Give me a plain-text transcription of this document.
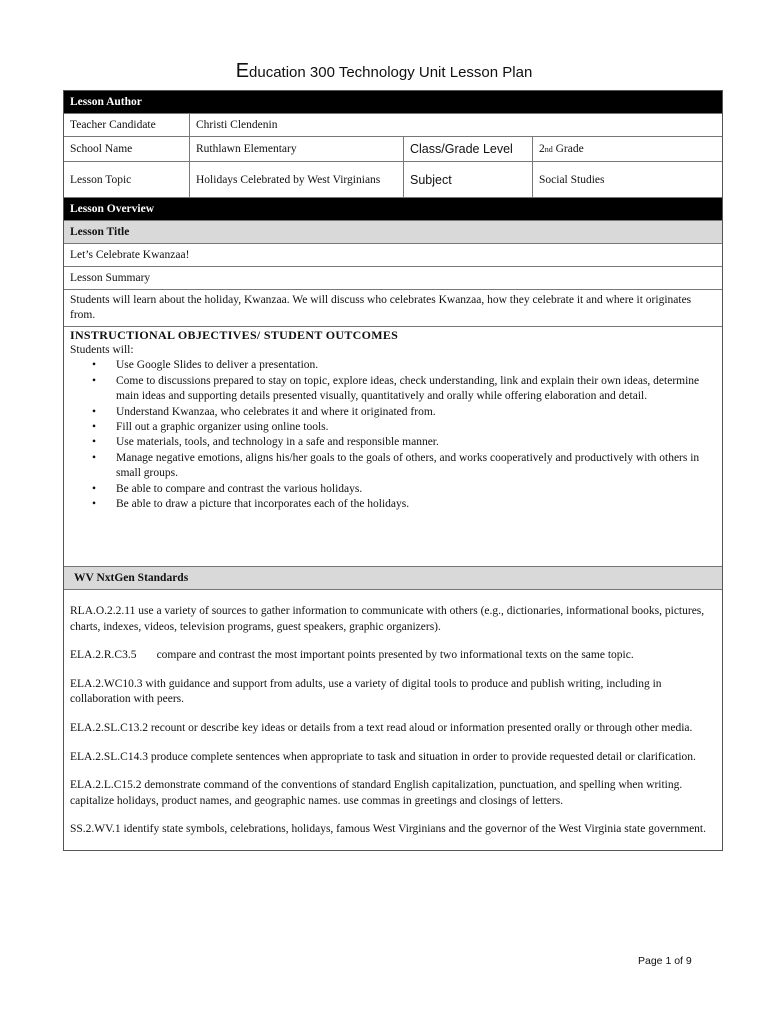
Education 300 Technology Unit Lesson Plan
Lesson Author
Teacher Candidate	Christi Clendenin
School Name	Ruthlawn Elementary	Class/Grade Level	2 nd Grade
Lesson Topic	Holidays Celebrated by West Virginians	Subject	Social Studies
Lesson Overview
Lesson Title
Let’s Celebrate Kwanzaa!
Lesson Summary
Students will learn about the holiday, Kwanzaa. We will discuss who celebrates Kwanzaa, how they celebrate it and where it originates from.
INSTRUCTIONAL OBJECTIVES/ STUDENT OUTCOMES
Students will:
• Use Google Slides to deliver a presentation.
• Come to discussions prepared to stay on topic, explore ideas, check understanding, link and explain their own ideas, determine main ideas and supporting details presented visually, quantitatively and orally while offering elaboration and detail.
• Understand Kwanzaa, who celebrates it and where it originated from.
• Fill out a graphic organizer using online tools.
• Use materials, tools, and technology in a safe and responsible manner.
• Manage negative emotions, aligns his/her goals to the goals of others, and works cooperatively and productively with others in small groups.
• Be able to compare and contrast the various holidays.
• Be able to draw a picture that incorporates each of the holidays.
WV NxtGen Standards

RLA.O.2.2.11 use a variety of sources to gather information to communicate with others (e.g., dictionaries, informational books, pictures, charts, indexes, videos, television programs, guest speakers, graphic organizers).

ELA.2.R.C3.5       compare and contrast the most important points presented by two informational texts on the same topic.

ELA.2.WC10.3 with guidance and support from adults, use a variety of digital tools to produce and publish writing, including in collaboration with peers.

ELA.2.SL.C13.2 recount or describe key ideas or details from a text read aloud or information presented orally or through other media.

ELA.2.SL.C14.3 produce complete sentences when appropriate to task and situation in order to provide requested detail or clarification.

ELA.2.L.C15.2 demonstrate command of the conventions of standard English capitalization, punctuation, and spelling when writing. capitalize holidays, product names, and geographic names. use commas in greetings and closings of letters.

SS.2.WV.1 identify state symbols, celebrations, holidays, famous West Virginians and the governor of the West Virginia state government.

Page 1 of 9
